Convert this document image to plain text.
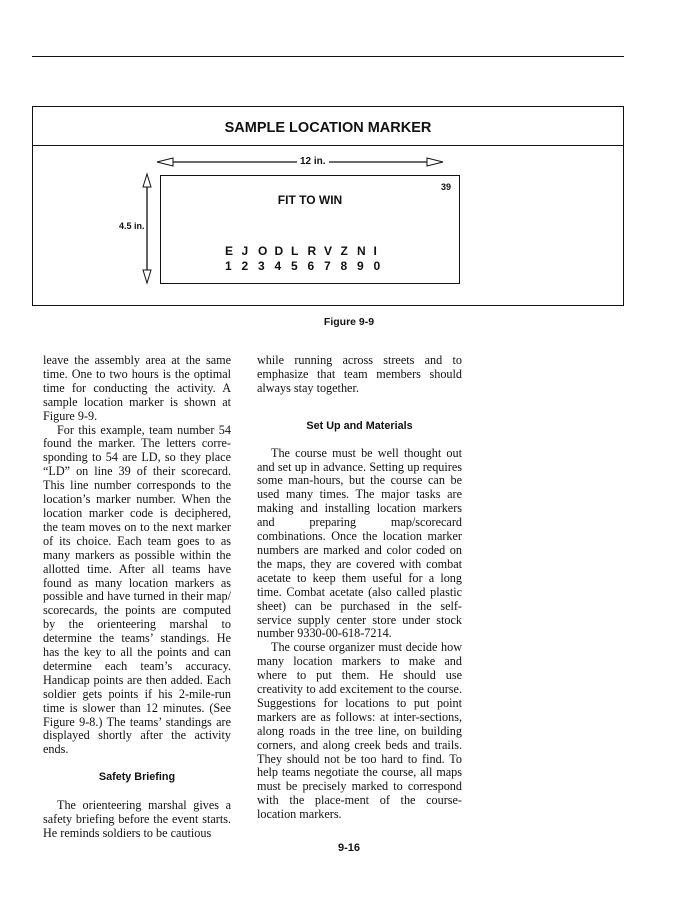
SAMPLE LOCATION MARKER
12 in.
4.5 in.
39
FIT TO WIN
E J O D L R V Z N I
1 2 3 4 5 6 7 8 9 0
Figure 9-9

leave the assembly area at the same time. One to two hours is the optimal time for conducting the activity. A sample location marker is shown at Figure 9-9.

For this example, team number 54 found the marker. The letters corre-sponding to 54 are LD, so they place “LD” on line 39 of their scorecard. This line number corresponds to the location’s marker number. When the location marker code is deciphered, the team moves on to the next marker of its choice. Each team goes to as many markers as possible within the allotted time. After all teams have found as many location markers as possible and have turned in their map/ scorecards, the points are computed by the orienteering marshal to determine the teams’ standings. He has the key to all the points and can determine each team’s accuracy. Handicap points are then added. Each soldier gets points if his 2-mile-run time is slower than 12 minutes. (See Figure 9-8.) The teams’ standings are displayed shortly after the activity ends.

Safety Briefing

The orienteering marshal gives a safety briefing before the event starts. He reminds soldiers to be cautious

while running across streets and to emphasize that team members should always stay together.

Set Up and Materials

The course must be well thought out and set up in advance. Setting up requires some man-hours, but the course can be used many times. The major tasks are making and installing location markers and preparing map/scorecard combinations. Once the location marker numbers are marked and color coded on the maps, they are covered with combat acetate to keep them useful for a long time. Combat acetate (also called plastic sheet) can be purchased in the self-service supply center store under stock number 9330-00-618-7214.

The course organizer must decide how many location markers to make and where to put them. He should use creativity to add excitement to the course. Suggestions for locations to put point markers are as follows: at inter-sections, along roads in the tree line, on building corners, and along creek beds and trails. They should not be too hard to find. To help teams negotiate the course, all maps must be precisely marked to correspond with the place-ment of the course-location markers.

9-16
